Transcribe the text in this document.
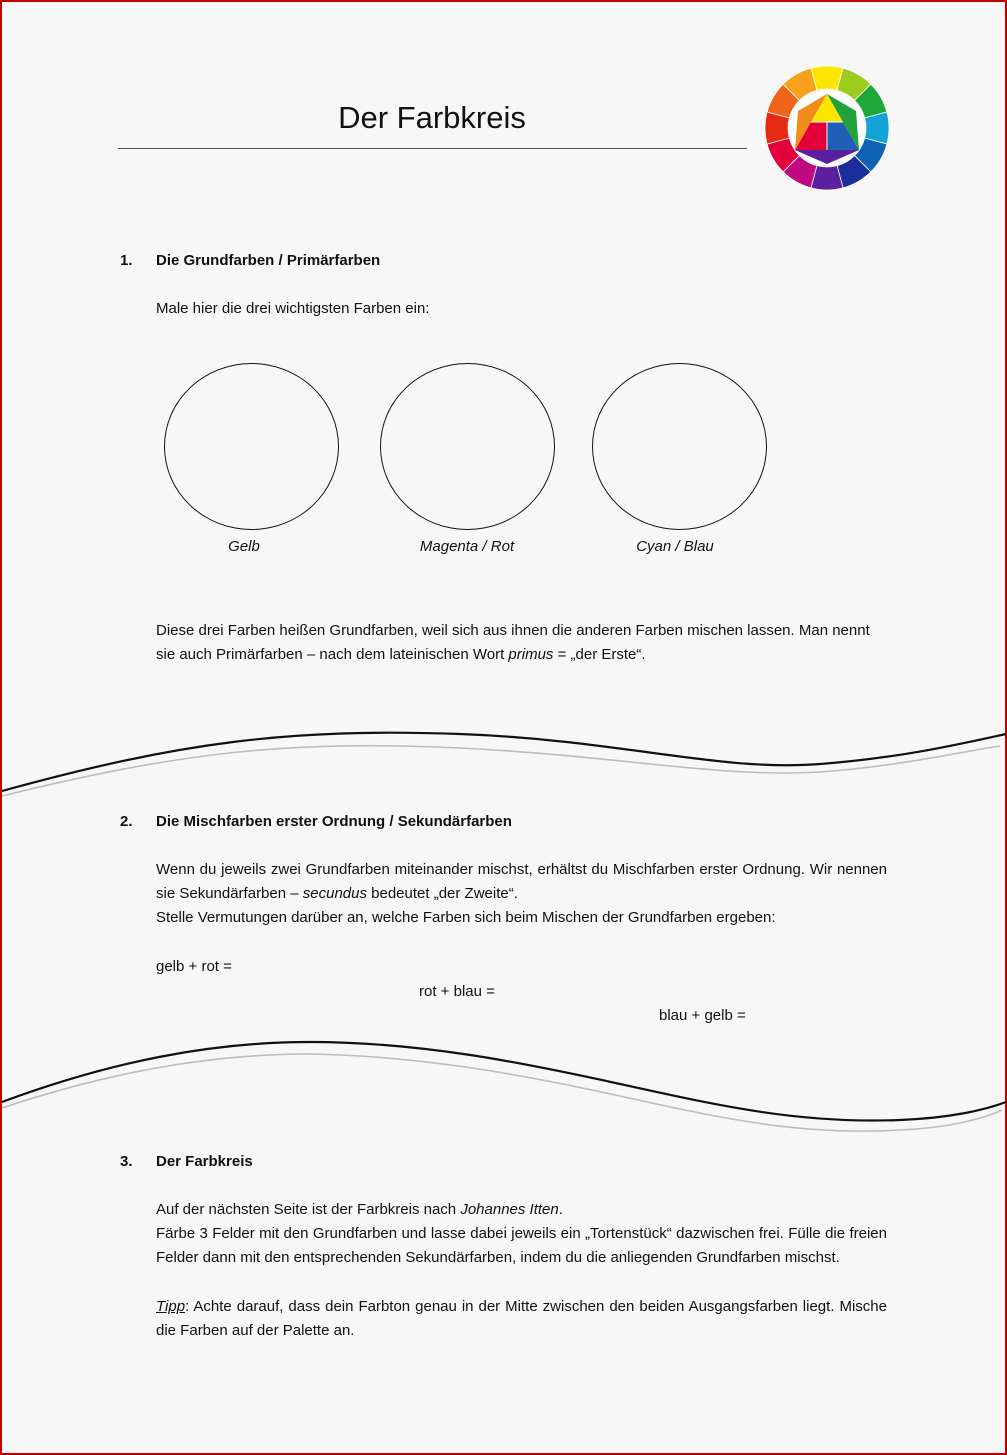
Der Farbkreis
1. Die Grundfarben / Primärfarben
Male hier die drei wichtigsten Farben ein:
Gelb	Magenta / Rot	Cyan / Blau
Diese drei Farben heißen Grundfarben, weil sich aus ihnen die anderen Farben mischen lassen. Man nennt sie auch Primärfarben – nach dem lateinischen Wort primus = „der Erste“.
2. Die Mischfarben erster Ordnung / Sekundärfarben
Wenn du jeweils zwei Grundfarben miteinander mischst, erhältst du Mischfarben erster Ordnung. Wir nennen sie Sekundärfarben – secundus bedeutet „der Zweite“.
Stelle Vermutungen darüber an, welche Farben sich beim Mischen der Grundfarben ergeben:
gelb + rot =
rot + blau =
blau + gelb =
3. Der Farbkreis
Auf der nächsten Seite ist der Farbkreis nach Johannes Itten.
Färbe 3 Felder mit den Grundfarben und lasse dabei jeweils ein „Tortenstück“ dazwischen frei. Fülle die freien Felder dann mit den entsprechenden Sekundärfarben, indem du die anliegenden Grundfarben mischst.
Tipp: Achte darauf, dass dein Farbton genau in der Mitte zwischen den beiden Ausgangsfarben liegt. Mische die Farben auf der Palette an.
